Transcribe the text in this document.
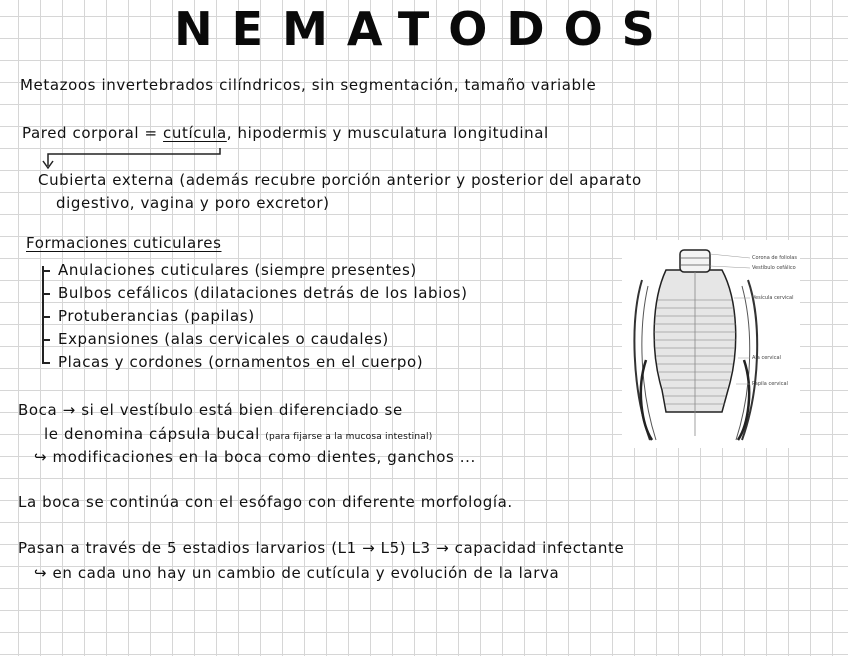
NEMATODOS
Metazoos invertebrados cilíndricos, sin segmentación, tamaño variable
Pared corporal = cutícula, hipodermis y musculatura longitudinal
Cubierta externa (además recubre porción anterior y posterior del aparato
digestivo, vagina y poro excretor)
Formaciones cuticulares
Anulaciones cuticulares (siempre presentes)
Bulbos cefálicos (dilataciones detrás de los labios)
Protuberancias (papilas)
Expansiones (alas cervicales o caudales)
Placas y cordones (ornamentos en el cuerpo)
Boca → si el vestíbulo está bien diferenciado se
le denomina cápsula bucal (para fijarse a la mucosa intestinal)
↪ modificaciones en la boca como dientes, ganchos ...
La boca se continúa con el esófago con diferente morfología.
Pasan a través de 5 estadios larvarios (L1 → L5) L3 → capacidad infectante
↪ en cada uno hay un cambio de cutícula y evolución de la larva
Corona de foliolas
Vestíbulo cefálico
Vesícula cervical
Ala cervical
Papila cervical
